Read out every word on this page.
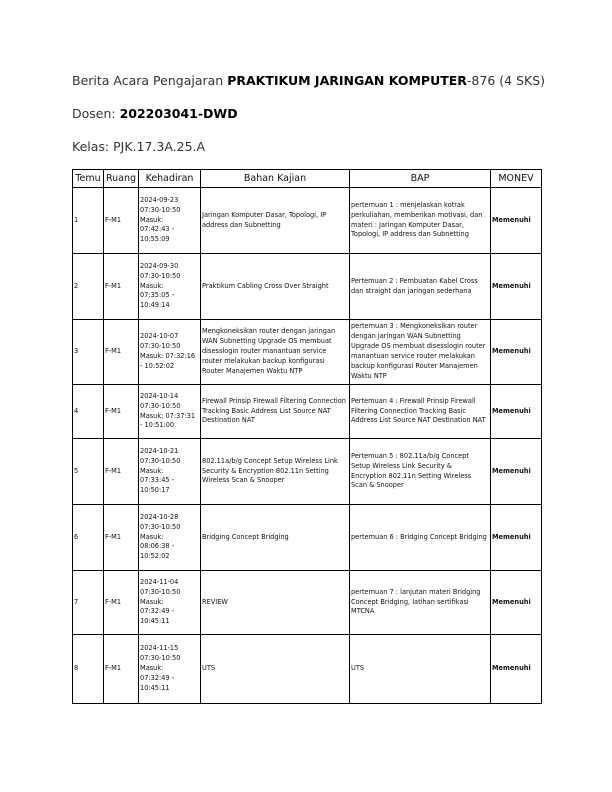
Berita Acara Pengajaran PRAKTIKUM JARINGAN KOMPUTER-876 (4 SKS)
Dosen: 202203041-DWD
Kelas: PJK.17.3A.25.A
Temu	Ruang	Kehadiran	Bahan Kajian	BAP	MONEV
1	F-M1	2024-09-23
07:30-10:50
Masuk:
07:42:43 -
10:55:09	Jaringan Komputer Dasar, Topologi, IP address dan Subnetting	pertemuan 1 : menjelaskan kotrak perkuliahan, memberikan motivasi, dan materi : Jaringan Komputer Dasar, Topologi, IP address dan Subnetting	Memenuhi
2	F-M1	2024-09-30
07:30-10:50
Masuk:
07:35:05 -
10:49:14	Praktikum Cabling Cross Over Straight	Pertemuan 2 : Pembuatan Kabel Cross dan straight dan jaringan sederhana	Memenuhi
3	F-M1	2024-10-07
07:30-10:50
Masuk: 07:32:16
- 10:52:02	Mengkoneksikan router dengan jaringan WAN Subnetting Upgrade OS membuat disesslogin router manantuan service router melakukan backup konfigurasi Router Manajemen Waktu NTP	pertemuan 3 : Mengkoneksikan router dengan jaringan WAN Subnetting Upgrade OS membuat disesslogin router manantuan service router melakukan backup konfigurasi Router Manajemen Waktu NTP	Memenuhi
4	F-M1	2024-10-14
07:30-10:50
Masuk: 07:37:31
- 10:51:00	Firewall Prinsip Firewall Filtering Connection Tracking Basic Address List Source NAT Destination NAT	Pertemuan 4 : Firewall Prinsip Firewall Filtering Connection Tracking Basic Address List Source NAT Destination NAT	Memenuhi
5	F-M1	2024-10-21
07:30-10:50
Masuk:
07:33:45 -
10:50:17	802.11a/b/g Concept Setup Wireless Link Security & Encryption 802.11n Setting Wireless Scan & Snooper	Pertemuan 5 : 802.11a/b/g Concept Setup Wireless Link Security & Encryption 802.11n Setting Wireless Scan & Snooper	Memenuhi
6	F-M1	2024-10-28
07:30-10:50
Masuk:
08:06:38 -
10:52:02	Bridging Concept Bridging	pertemuan 6 : Bridging Concept Bridging	Memenuhi
7	F-M1	2024-11-04
07:30-10:50
Masuk:
07:32:49 -
10:45:11	REVIEW	pertemuan 7 : lanjutan materi Bridging Concept Bridging, latihan sertifikasi MTCNA	Memenuhi
8	F-M1	2024-11-15
07:30-10:50
Masuk:
07:32:49 -
10:45:11	UTS	UTS	Memenuhi
